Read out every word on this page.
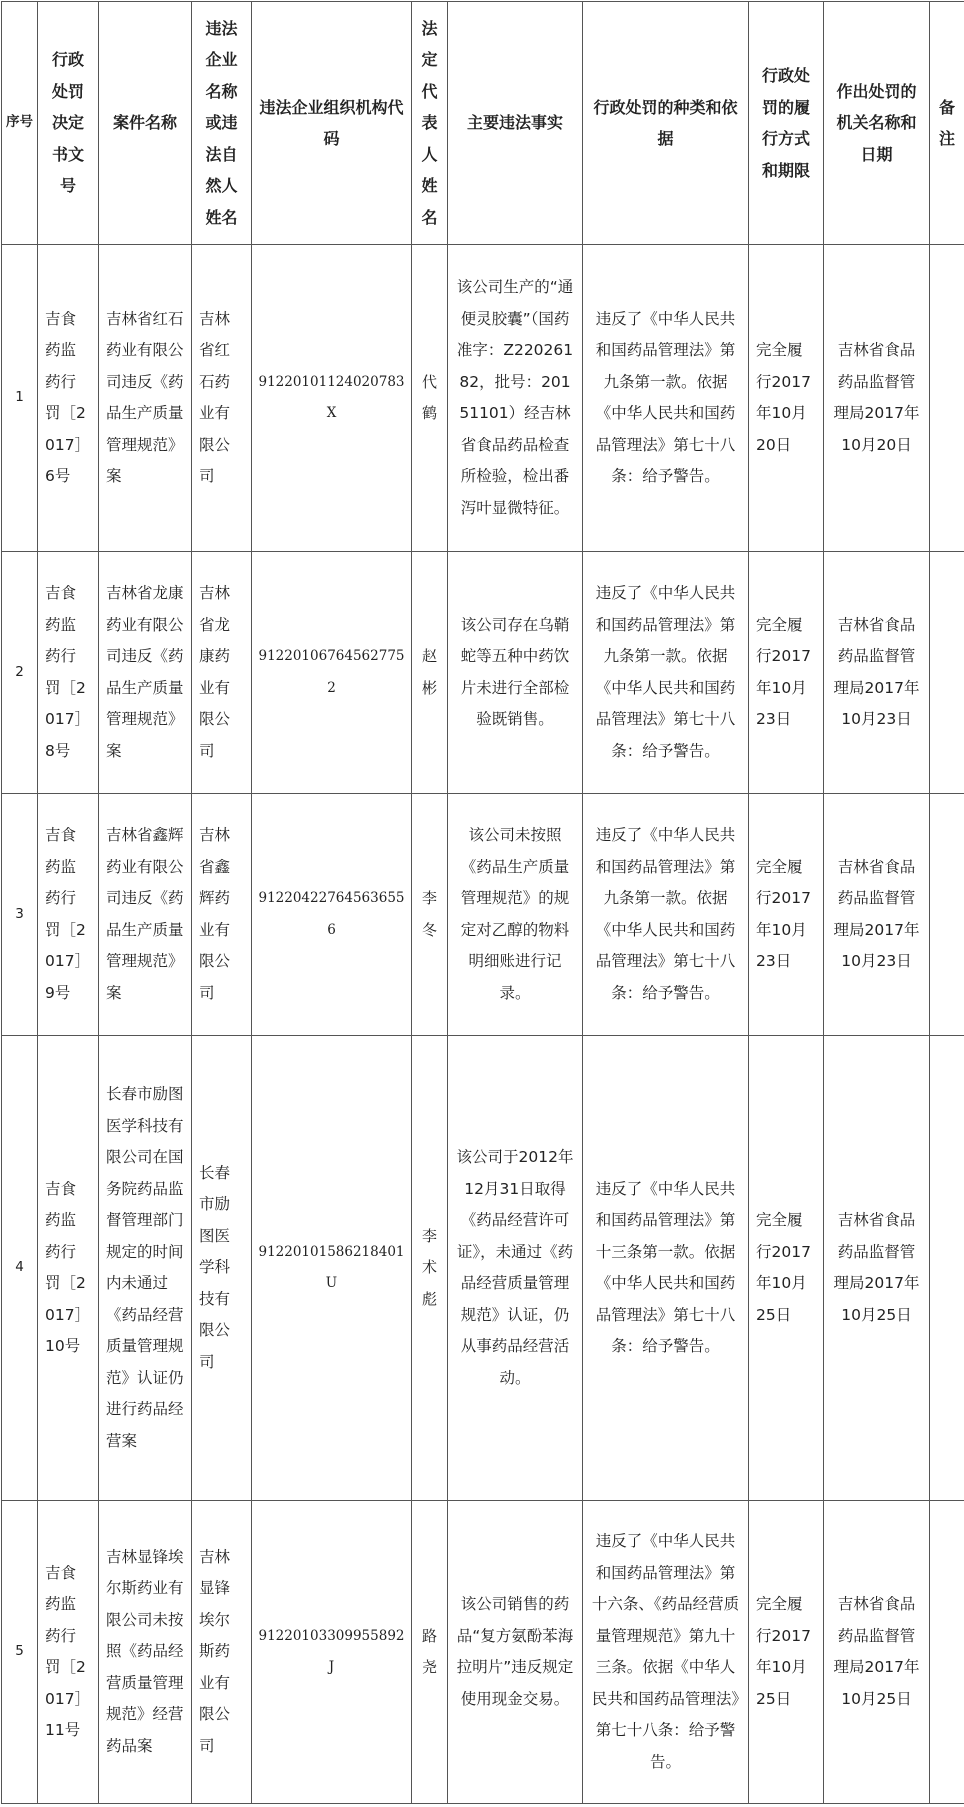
序号	行政处罚决定书文号	案件名称	违法企业名称或违法自然人姓名	违法企业组织机构代码	法定代表人姓名	主要违法事实	行政处罚的种类和依据	行政处罚的履行方式和期限	作出处罚的机关名称和日期	备注
1	吉食药监药行罚［2017］6号	吉林省红石药业有限公司违反《药品生产质量管理规范》案	吉林省红石药业有限公司	91220101124020783X	代鹤	该公司生产的“通便灵胶囊”（国药准字：Z22026182，批号：20151101）经吉林省食品药品检查所检验，检出番泻叶显微特征。	违反了《中华人民共和国药品管理法》第九条第一款。依据《中华人民共和国药品管理法》第七十八条：给予警告。	完全履行2017年10月20日	吉林省食品药品监督管理局2017年10月20日	
2	吉食药监药行罚［2017］8号	吉林省龙康药业有限公司违反《药品生产质量管理规范》案	吉林省龙康药业有限公司	912201067645627752	赵彬	该公司存在乌鞘蛇等五种中药饮片未进行全部检验既销售。	违反了《中华人民共和国药品管理法》第九条第一款。依据《中华人民共和国药品管理法》第七十八条：给予警告。	完全履行2017年10月23日	吉林省食品药品监督管理局2017年10月23日	
3	吉食药监药行罚［2017］9号	吉林省鑫辉药业有限公司违反《药品生产质量管理规范》案	吉林省鑫辉药业有限公司	912204227645636556	李冬	该公司未按照《药品生产质量管理规范》的规定对乙醇的物料明细账进行记录。	违反了《中华人民共和国药品管理法》第九条第一款。依据《中华人民共和国药品管理法》第七十八条：给予警告。	完全履行2017年10月23日	吉林省食品药品监督管理局2017年10月23日	
4	吉食药监药行罚［2017］10号	长春市励图医学科技有限公司在国务院药品监督管理部门规定的时间内未通过《药品经营质量管理规范》认证仍进行药品经营案	长春市励图医学科技有限公司	91220101586218401U	李术彪	该公司于2012年12月31日取得《药品经营许可证》，未通过《药品经营质量管理规范》认证，仍从事药品经营活动。	违反了《中华人民共和国药品管理法》第十三条第一款。依据《中华人民共和国药品管理法》第七十八条：给予警告。	完全履行2017年10月25日	吉林省食品药品监督管理局2017年10月25日	
5	吉食药监药行罚［2017］11号	吉林显锋埃尔斯药业有限公司未按照《药品经营质量管理规范》经营药品案	吉林显锋埃尔斯药业有限公司	91220103309955892J	路尧	该公司销售的药品“复方氨酚苯海拉明片”违反规定使用现金交易。	违反了《中华人民共和国药品管理法》第十六条、《药品经营质量管理规范》第九十三条。依据《中华人民共和国药品管理法》第七十八条：给予警告。	完全履行2017年10月25日	吉林省食品药品监督管理局2017年10月25日	
